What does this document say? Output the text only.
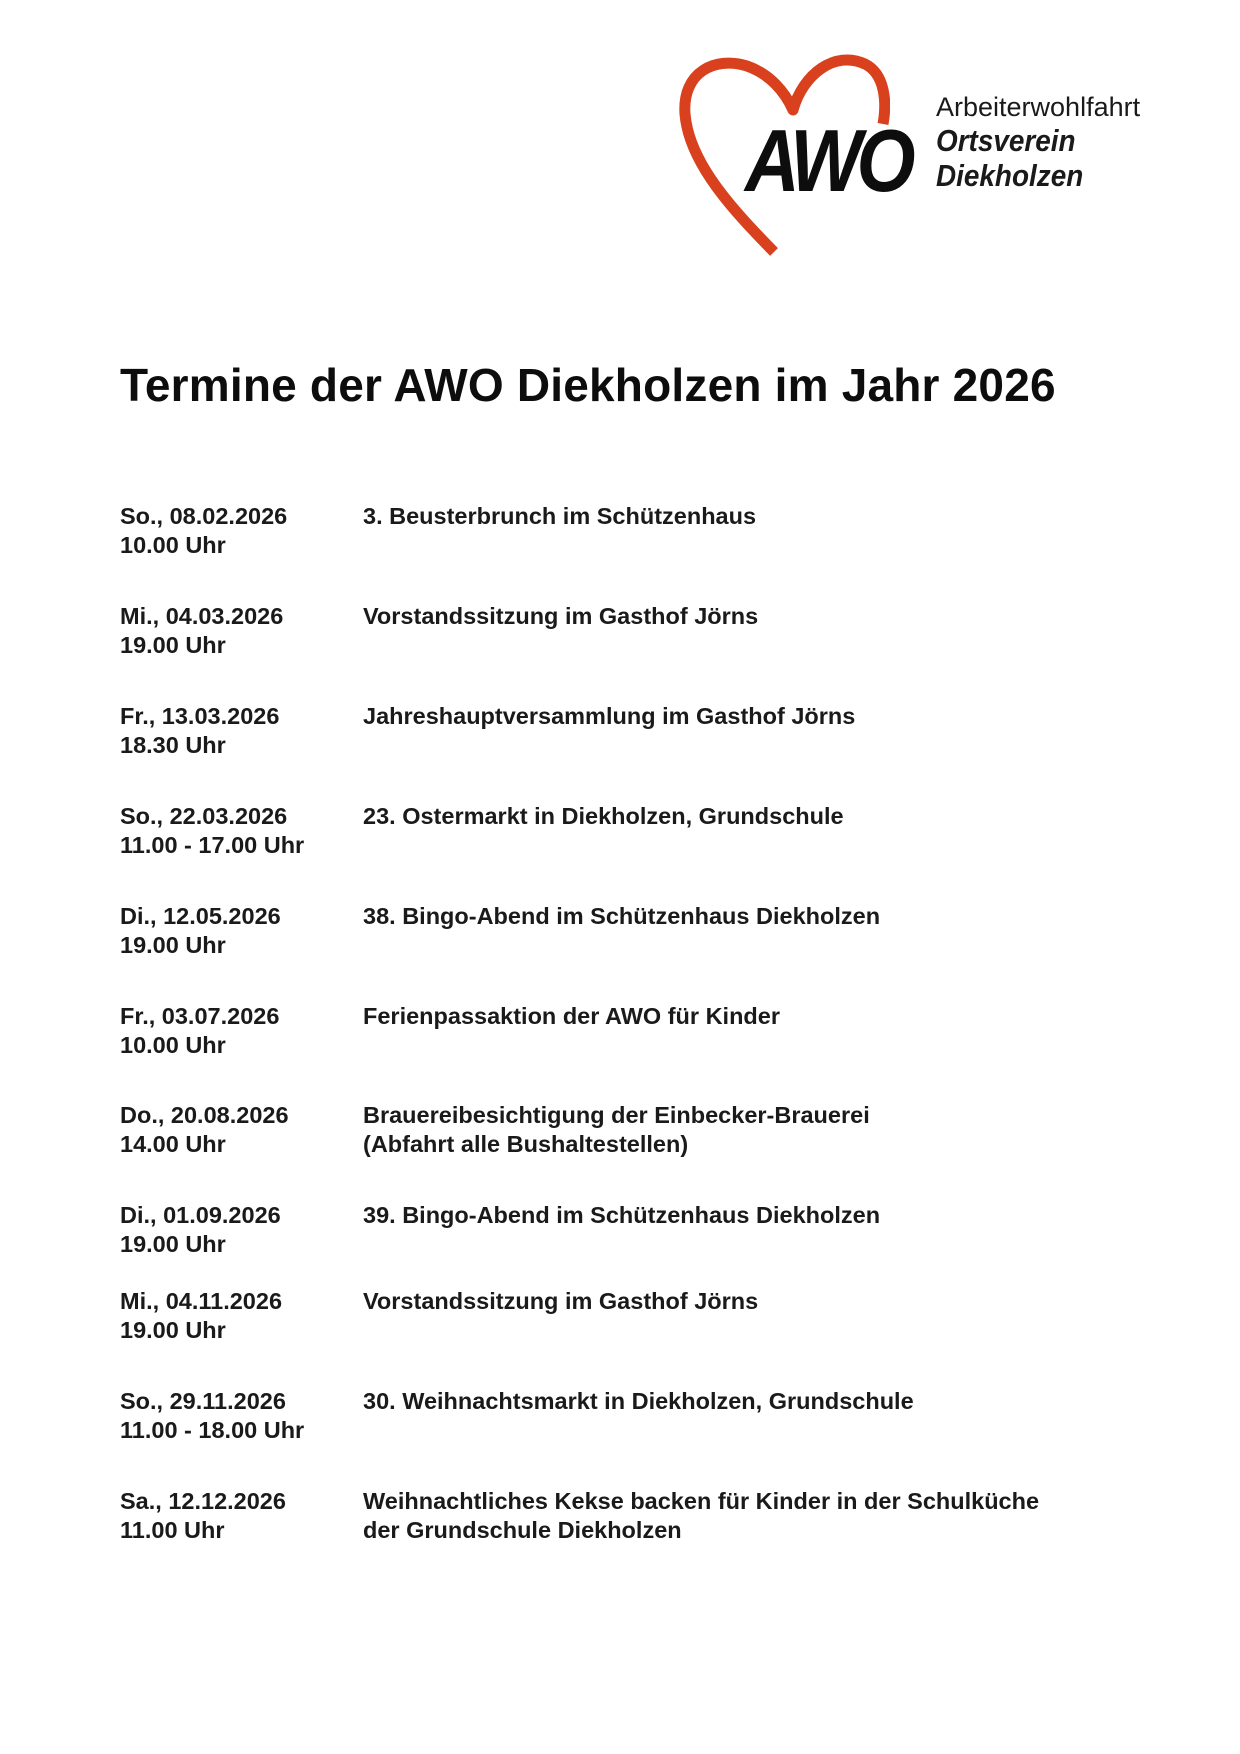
AWO
Arbeiterwohlfahrt
Ortsverein
Diekholzen
Termine der AWO Diekholzen im Jahr 2026
So., 08.02.2026
10.00 Uhr
3. Beusterbrunch im Schützenhaus
Mi., 04.03.2026
19.00 Uhr
Vorstandssitzung im Gasthof Jörns
Fr., 13.03.2026
18.30 Uhr
Jahreshauptversammlung im Gasthof Jörns
So., 22.03.2026
11.00 - 17.00 Uhr
23. Ostermarkt in Diekholzen, Grundschule
Di., 12.05.2026
19.00 Uhr
38. Bingo-Abend im Schützenhaus Diekholzen
Fr., 03.07.2026
10.00 Uhr
Ferienpassaktion der AWO für Kinder
Do., 20.08.2026
14.00 Uhr
Brauereibesichtigung der Einbecker-Brauerei
(Abfahrt alle Bushaltestellen)
Di., 01.09.2026
19.00 Uhr
39. Bingo-Abend im Schützenhaus Diekholzen
Mi., 04.11.2026
19.00 Uhr
Vorstandssitzung im Gasthof Jörns
So., 29.11.2026
11.00 - 18.00 Uhr
30. Weihnachtsmarkt in Diekholzen, Grundschule
Sa., 12.12.2026
11.00 Uhr
Weihnachtliches Kekse backen für Kinder in der Schulküche
der Grundschule Diekholzen
